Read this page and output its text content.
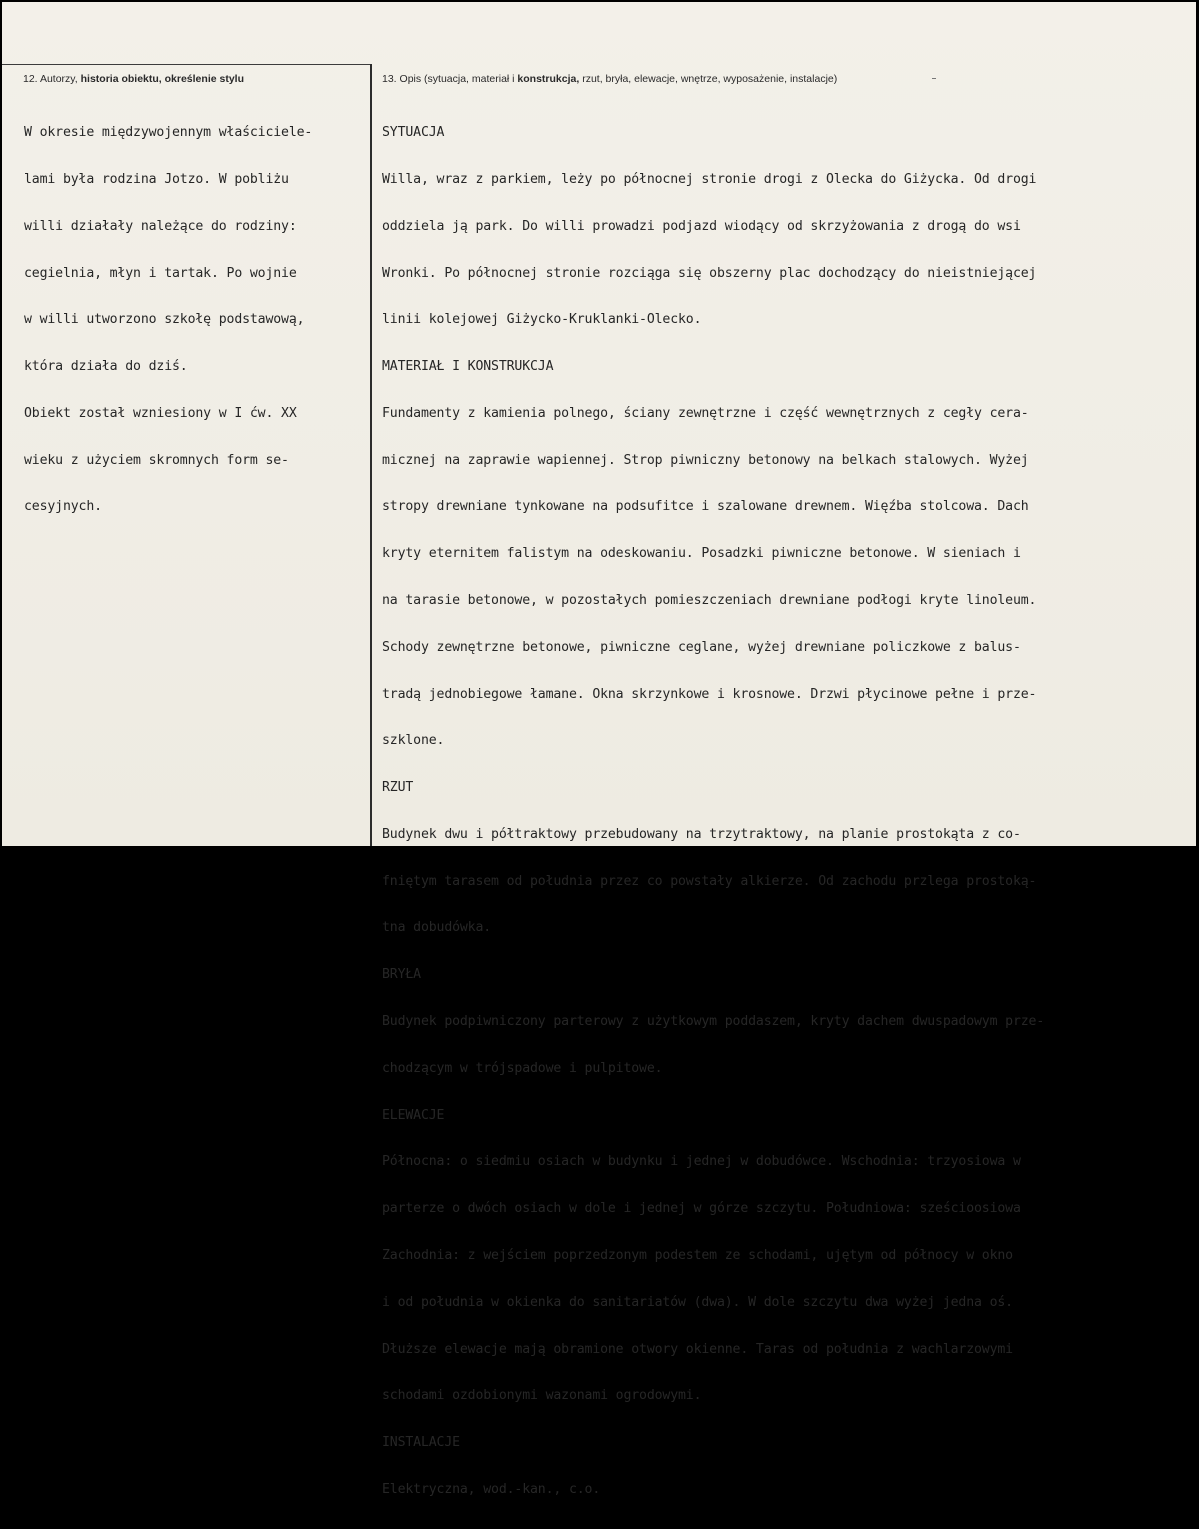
12. Autorzy, historia obiektu, określenie stylu	13. Opis (sytuacja, materiał i konstrukcja, rzut, bryła, elewacje, wnętrze, wyposażenie, instalacje)

W okresie międzywojennym właściciele-

lami była rodzina Jotzo. W pobliżu

willi działały należące do rodziny:

cegielnia, młyn i tartak. Po wojnie

w willi utworzono szkołę podstawową,

która działa do dziś.

Obiekt został wzniesiony w I ćw. XX

wieku z użyciem skromnych form se-

cesyjnych.

SYTUACJA

Willa, wraz z parkiem, leży po północnej stronie drogi z Olecka do Giżycka. Od drogi

oddziela ją park. Do willi prowadzi podjazd wiodący od skrzyżowania z drogą do wsi

Wronki. Po północnej stronie rozciąga się obszerny plac dochodzący do nieistniejącej

linii kolejowej Giżycko-Kruklanki-Olecko.

MATERIAŁ I KONSTRUKCJA

Fundamenty z kamienia polnego, ściany zewnętrzne i część wewnętrznych z cegły cera-

micznej na zaprawie wapiennej. Strop piwniczny betonowy na belkach stalowych. Wyżej

stropy drewniane tynkowane na podsufitce i szalowane drewnem. Więźba stolcowa. Dach

kryty eternitem falistym na odeskowaniu. Posadzki piwniczne betonowe. W sieniach i

na tarasie betonowe, w pozostałych pomieszczeniach drewniane podłogi kryte linoleum.

Schody zewnętrzne betonowe, piwniczne ceglane, wyżej drewniane policzkowe z balus-

tradą jednobiegowe łamane. Okna skrzynkowe i krosnowe. Drzwi płycinowe pełne i prze-

szklone.

RZUT

Budynek dwu i półtraktowy przebudowany na trzytraktowy, na planie prostokąta z co-

fniętym tarasem od południa przez co powstały alkierze. Od zachodu przlega prostoką-

tna dobudówka.

BRYŁA

Budynek podpiwniczony parterowy z użytkowym poddaszem, kryty dachem dwuspadowym prze-

chodzącym w trójspadowe i pulpitowe.

ELEWACJE

Północna: o siedmiu osiach w budynku i jednej w dobudówce. Wschodnia: trzyosiowa w

parterze o dwóch osiach w dole i jednej w górze szczytu. Południowa: sześcioosiowa

Zachodnia: z wejściem poprzedzonym podestem ze schodami, ujętym od północy w okno

i od południa w okienka do sanitariatów (dwa). W dole szczytu dwa wyżej jedna oś.

Dłuższe elewacje mają obramione otwory okienne. Taras od południa z wachlarzowymi

schodami ozdobionymi wazonami ogrodowymi.

INSTALACJE

Elektryczna, wod.-kan., c.o.
